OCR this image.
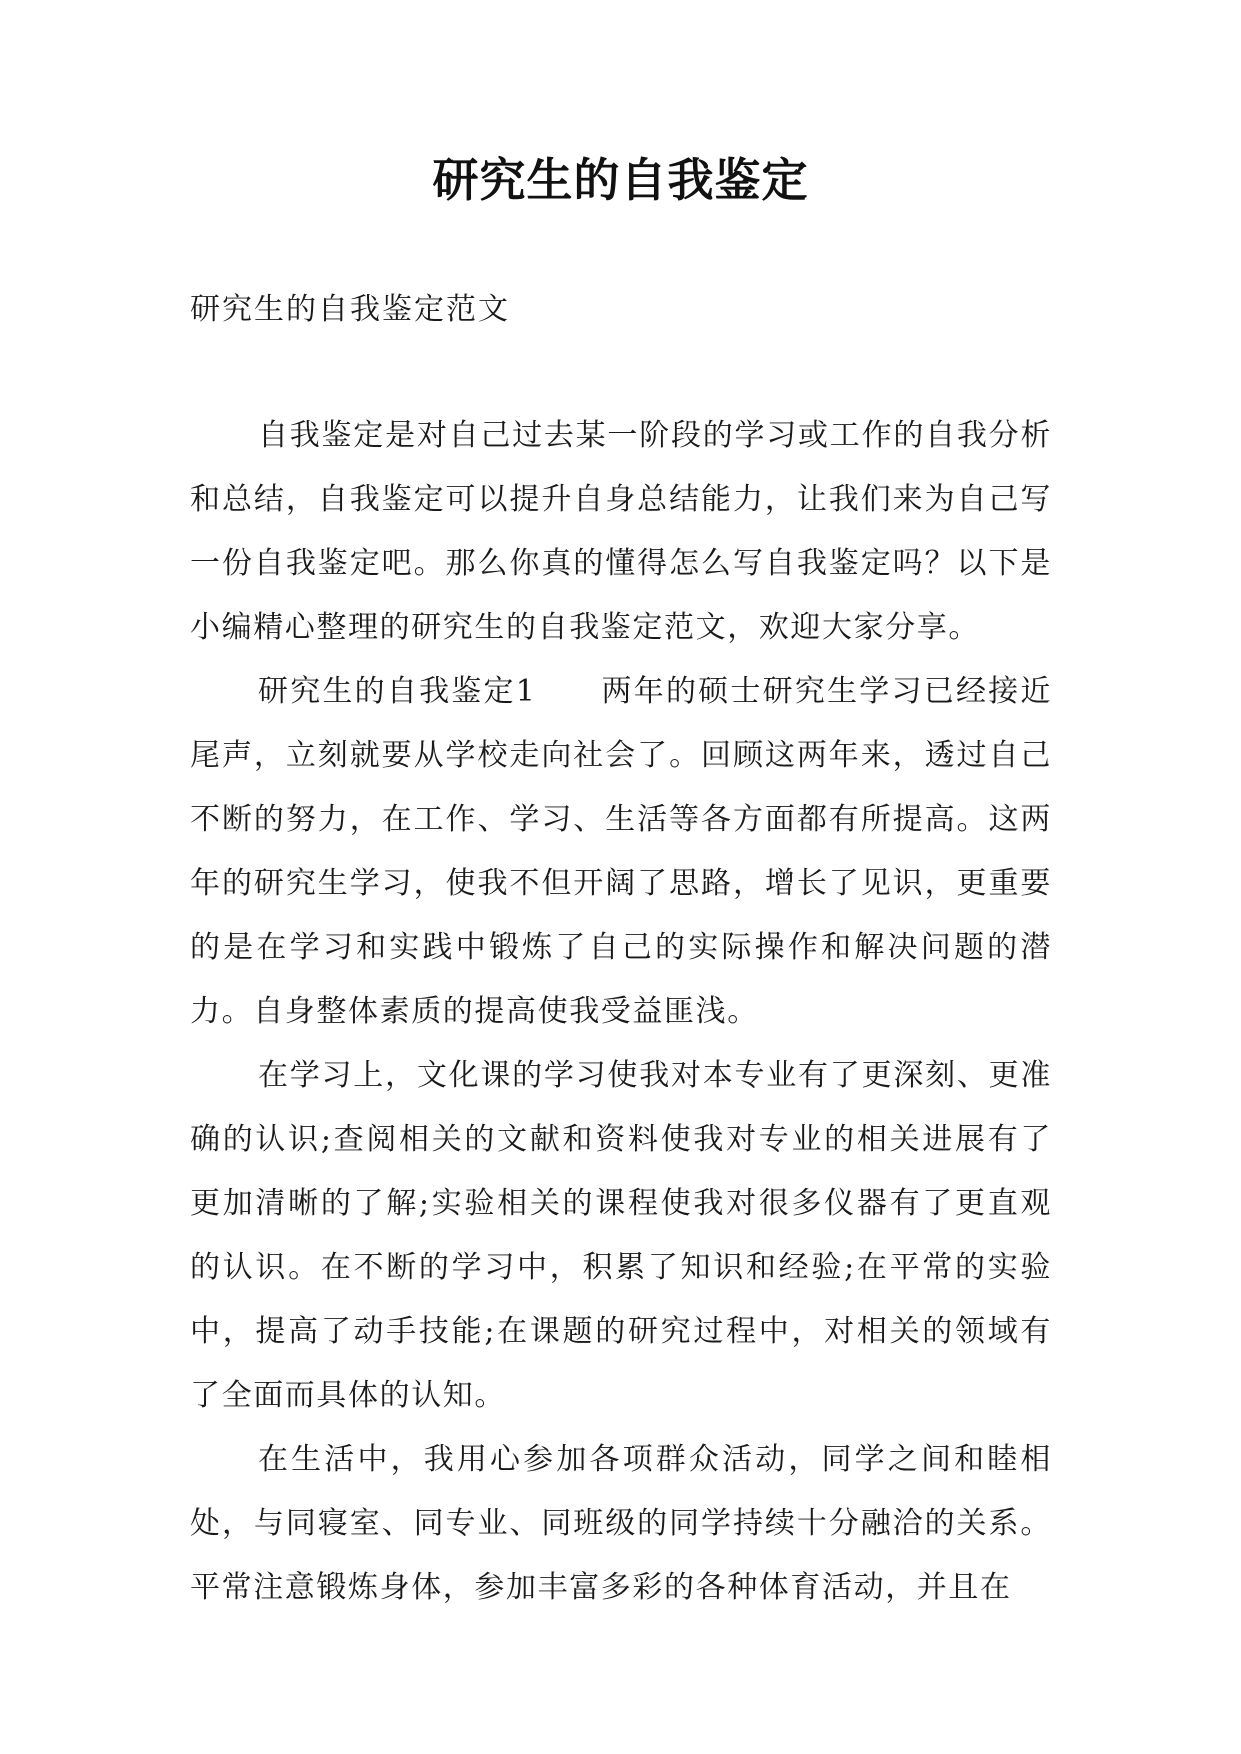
研究生的自我鉴定

研究生的自我鉴定范文

自我鉴定是对自己过去某一阶段的学习或工作的自我分析和总结，自我鉴定可以提升自身总结能力，让我们来为自己写一份自我鉴定吧。那么你真的懂得怎么写自我鉴定吗？以下是小编精心整理的研究生的自我鉴定范文，欢迎大家分享。

研究生的自我鉴定1　　两年的硕士研究生学习已经接近尾声，立刻就要从学校走向社会了。回顾这两年来，透过自己不断的努力，在工作、学习、生活等各方面都有所提高。这两年的研究生学习，使我不但开阔了思路，增长了见识，更重要的是在学习和实践中锻炼了自己的实际操作和解决问题的潜力。自身整体素质的提高使我受益匪浅。

在学习上，文化课的学习使我对本专业有了更深刻、更准确的认识;查阅相关的文献和资料使我对专业的相关进展有了更加清晰的了解;实验相关的课程使我对很多仪器有了更直观的认识。在不断的学习中，积累了知识和经验;在平常的实验中，提高了动手技能;在课题的研究过程中，对相关的领域有了全面而具体的认知。

在生活中，我用心参加各项群众活动，同学之间和睦相处，与同寝室、同专业、同班级的同学持续十分融洽的关系。平常注意锻炼身体，参加丰富多彩的各种体育活动，并且在
